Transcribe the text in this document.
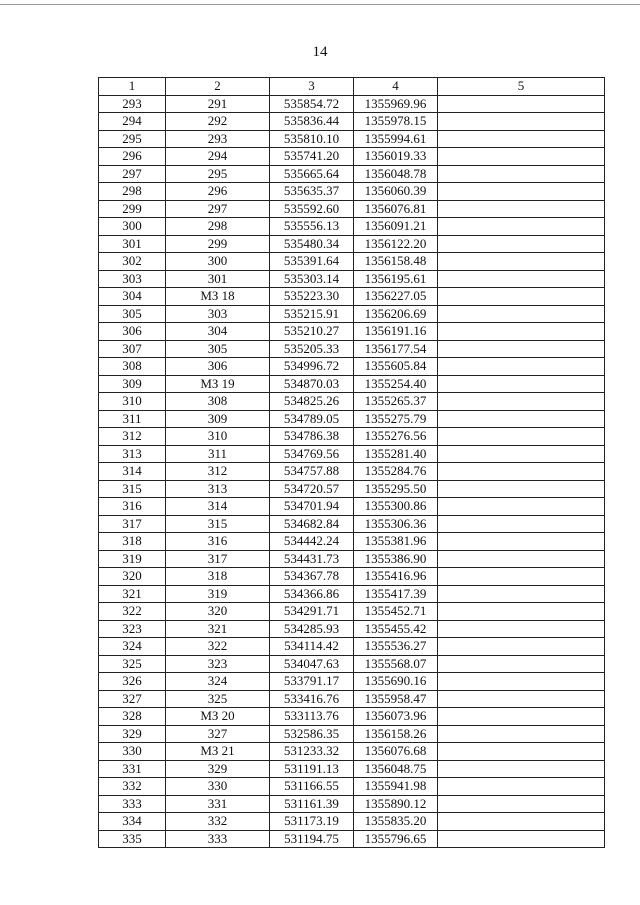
14
1	2	3	4	5
293	291	535854.72	1355969.96	
294	292	535836.44	1355978.15	
295	293	535810.10	1355994.61	
296	294	535741.20	1356019.33	
297	295	535665.64	1356048.78	
298	296	535635.37	1356060.39	
299	297	535592.60	1356076.81	
300	298	535556.13	1356091.21	
301	299	535480.34	1356122.20	
302	300	535391.64	1356158.48	
303	301	535303.14	1356195.61	
304	МЗ 18	535223.30	1356227.05	
305	303	535215.91	1356206.69	
306	304	535210.27	1356191.16	
307	305	535205.33	1356177.54	
308	306	534996.72	1355605.84	
309	МЗ 19	534870.03	1355254.40	
310	308	534825.26	1355265.37	
311	309	534789.05	1355275.79	
312	310	534786.38	1355276.56	
313	311	534769.56	1355281.40	
314	312	534757.88	1355284.76	
315	313	534720.57	1355295.50	
316	314	534701.94	1355300.86	
317	315	534682.84	1355306.36	
318	316	534442.24	1355381.96	
319	317	534431.73	1355386.90	
320	318	534367.78	1355416.96	
321	319	534366.86	1355417.39	
322	320	534291.71	1355452.71	
323	321	534285.93	1355455.42	
324	322	534114.42	1355536.27	
325	323	534047.63	1355568.07	
326	324	533791.17	1355690.16	
327	325	533416.76	1355958.47	
328	МЗ 20	533113.76	1356073.96	
329	327	532586.35	1356158.26	
330	МЗ 21	531233.32	1356076.68	
331	329	531191.13	1356048.75	
332	330	531166.55	1355941.98	
333	331	531161.39	1355890.12	
334	332	531173.19	1355835.20	
335	333	531194.75	1355796.65	
